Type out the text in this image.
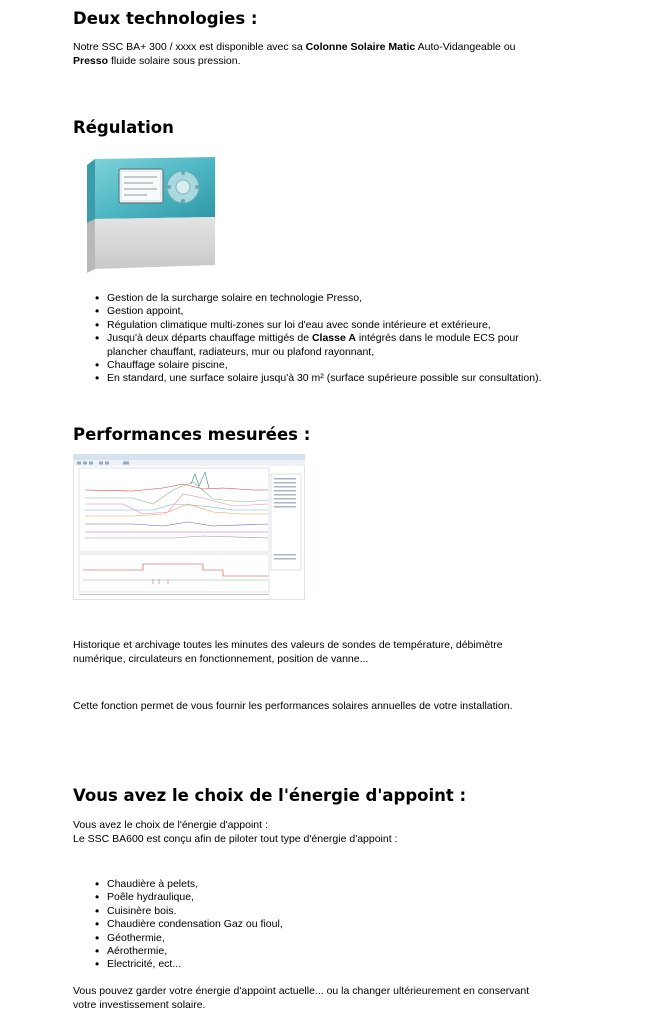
Deux technologies :

Notre SSC BA+ 300 / xxxx est disponible avec sa Colonne Solaire Matic Auto-Vidangeable ou

Presso fluide solaire sous pression.

Régulation
• Gestion de la surcharge solaire en technologie Presso,
• Gestion appoint,
• Régulation climatique multi-zones sur loi d'eau avec sonde intérieure et extérieure,
• Jusqu'à deux départs chauffage mittigés de Classe A intégrés dans le module ECS pour
plancher chauffant, radiateurs, mur ou plafond rayonnant,
• Chauffage solaire piscine,
• En standard, une surface solaire jusqu'à 30 m² (surface supérieure possible sur consultation).
Performances mesurées :

Historique et archivage toutes les minutes des valeurs de sondes de température, débimètre

numérique, circulateurs en fonctionnement, position de vanne...

Cette fonction permet de vous fournir les performances solaires annuelles de votre installation.

Vous avez le choix de l'énergie d'appoint :

Vous avez le choix de l'énergie d'appoint :

Le SSC BA600 est conçu afin de piloter tout type d'énergie d'appoint :

• Chaudière à pelets,
• Poêle hydraulique,
• Cuisinère bois.
• Chaudière condensation Gaz ou fioul,
• Géothermie,
• Aérothermie,
• Electricité, ect...

Vous pouvez garder votre énergie d'appoint actuelle... ou la changer ultérieurement en conservant

votre investissement solaire.
